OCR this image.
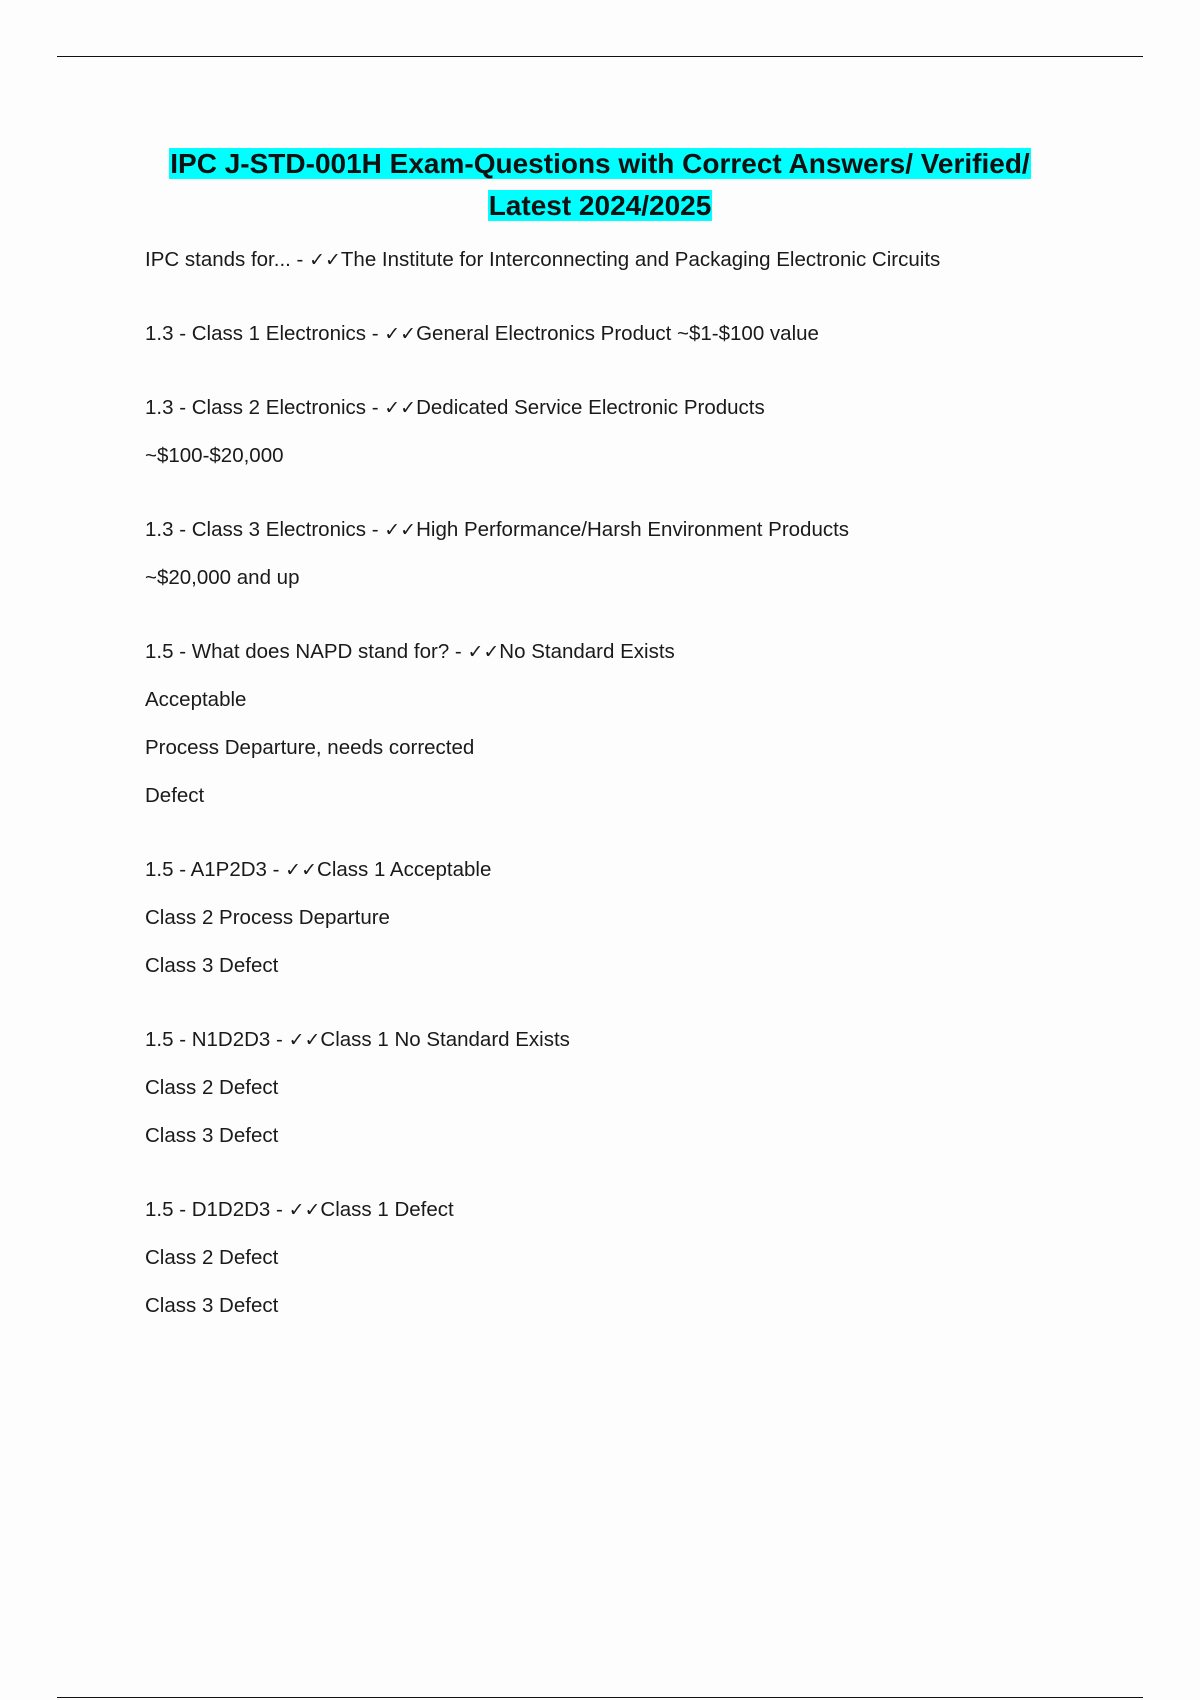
IPC J-STD-001H Exam-Questions with Correct Answers/ Verified/
Latest 2024/2025
IPC stands for... - ✓✓The Institute for Interconnecting and Packaging Electronic Circuits
1.3 - Class 1 Electronics - ✓✓General Electronics Product ~$1-$100 value
1.3 - Class 2 Electronics - ✓✓Dedicated Service Electronic Products
~$100-$20,000
1.3 - Class 3 Electronics - ✓✓High Performance/Harsh Environment Products
~$20,000 and up
1.5 - What does NAPD stand for? - ✓✓No Standard Exists
Acceptable
Process Departure, needs corrected
Defect
1.5 - A1P2D3 - ✓✓Class 1 Acceptable
Class 2 Process Departure
Class 3 Defect
1.5 - N1D2D3 - ✓✓Class 1 No Standard Exists
Class 2 Defect
Class 3 Defect
1.5 - D1D2D3 - ✓✓Class 1 Defect
Class 2 Defect
Class 3 Defect
